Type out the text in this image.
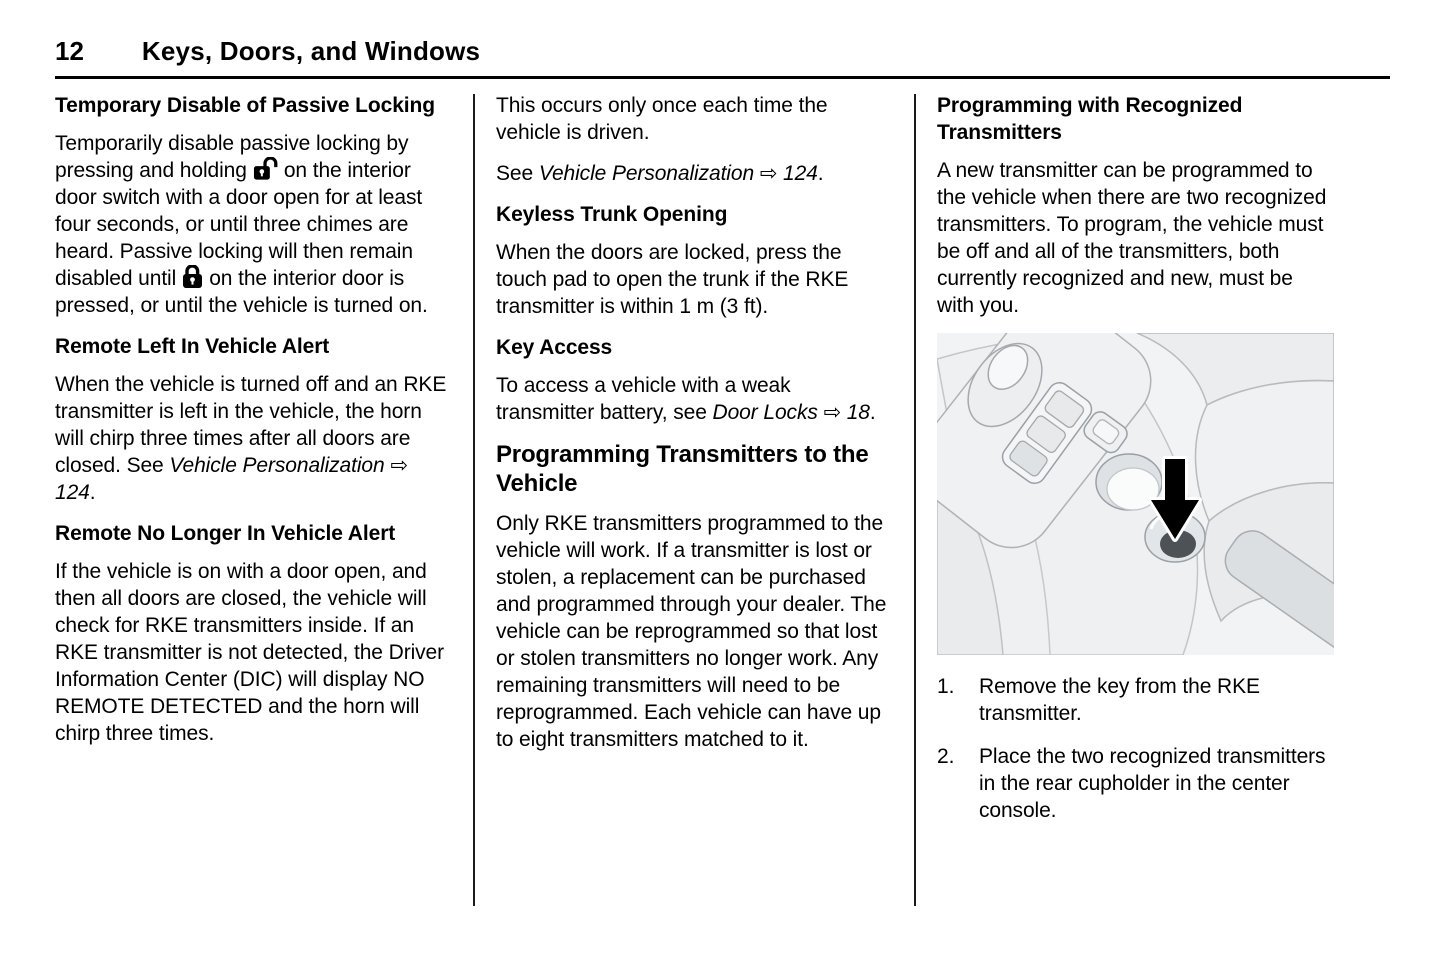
12 Keys, Doors, and Windows
Temporary Disable of Passive Locking

Temporarily disable passive locking by pressing and holding on the interior door switch with a door open for at least four seconds, or until three chimes are heard. Passive locking will then remain disabled until on the interior door is pressed, or until the vehicle is turned on.

Remote Left In Vehicle Alert

When the vehicle is turned off and an RKE transmitter is left in the vehicle, the horn will chirp three times after all doors are closed. See Vehicle Personalization ⇨ 124.

Remote No Longer In Vehicle Alert

If the vehicle is on with a door open, and then all doors are closed, the vehicle will check for RKE transmitters inside. If an RKE transmitter is not detected, the Driver Information Center (DIC) will display NO REMOTE DETECTED and the horn will chirp three times.

This occurs only once each time the vehicle is driven.

See Vehicle Personalization ⇨ 124.

Keyless Trunk Opening

When the doors are locked, press the touch pad to open the trunk if the RKE transmitter is within 1 m (3 ft).

Key Access

To access a vehicle with a weak transmitter battery, see Door Locks ⇨ 18.

Programming Transmitters to the Vehicle

Only RKE transmitters programmed to the vehicle will work. If a transmitter is lost or stolen, a replacement can be purchased and programmed through your dealer. The vehicle can be reprogrammed so that lost or stolen transmitters no longer work. Any remaining transmitters will need to be reprogrammed. Each vehicle can have up to eight transmitters matched to it.

Programming with Recognized Transmitters

A new transmitter can be programmed to the vehicle when there are two recognized transmitters. To program, the vehicle must be off and all of the transmitters, both currently recognized and new, must be with you.

1.	Remove the key from the RKE transmitter.
2.	Place the two recognized transmitters in the rear cupholder in the center console.
